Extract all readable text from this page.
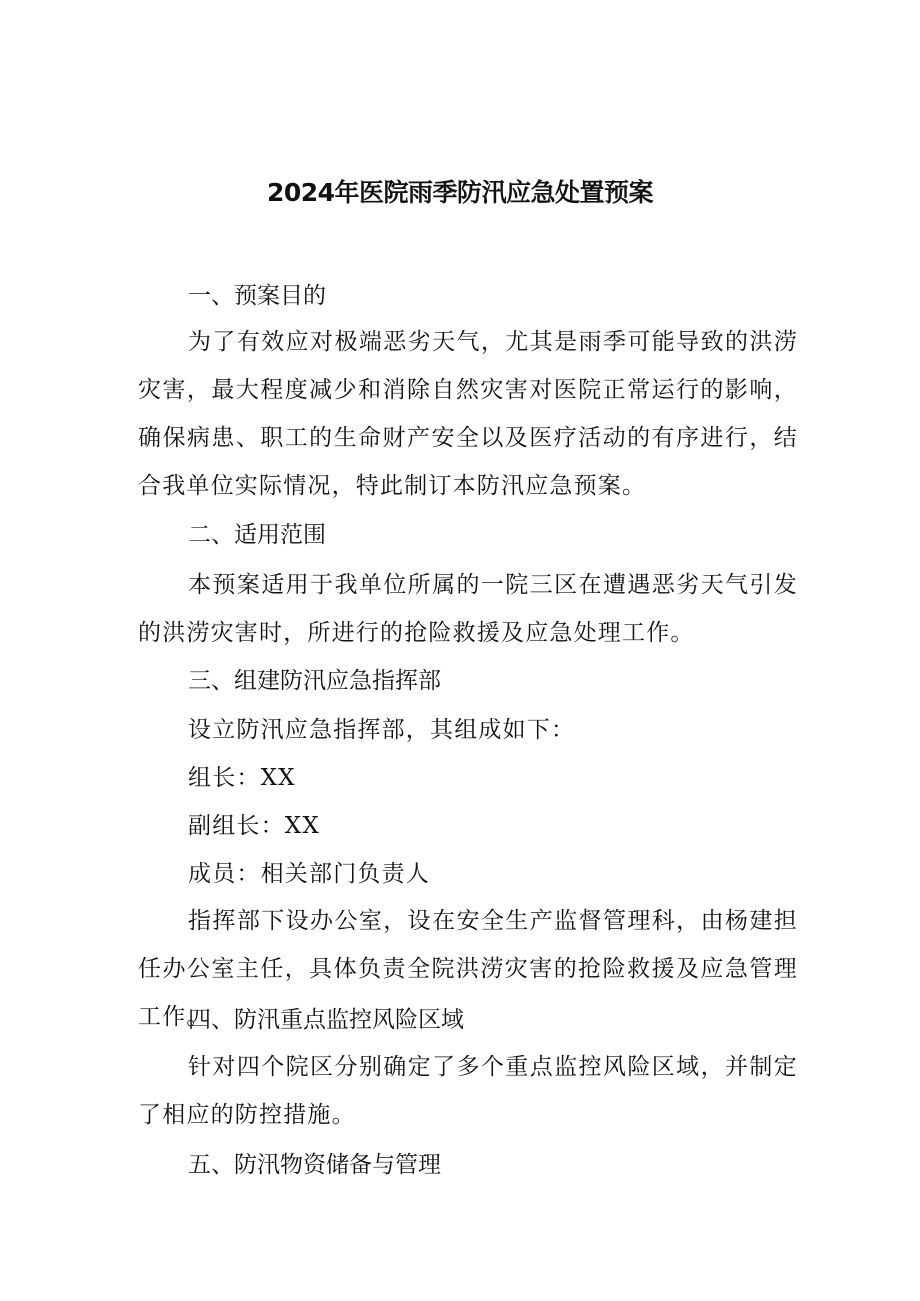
2024年医院雨季防汛应急处置预案
一、预案目的
为了有效应对极端恶劣天气，尤其是雨季可能导致的洪涝灾害，最大程度减少和消除自然灾害对医院正常运行的影响，确保病患、职工的生命财产安全以及医疗活动的有序进行，结合我单位实际情况，特此制订本防汛应急预案。
二、适用范围
本预案适用于我单位所属的一院三区在遭遇恶劣天气引发的洪涝灾害时，所进行的抢险救援及应急处理工作。
三、组建防汛应急指挥部
设立防汛应急指挥部，其组成如下：
组长：XX
副组长：XX
成员：相关部门负责人
指挥部下设办公室，设在安全生产监督管理科，由杨建担任办公室主任，具体负责全院洪涝灾害的抢险救援及应急管理工作。
四、防汛重点监控风险区域
针对四个院区分别确定了多个重点监控风险区域，并制定了相应的防控措施。
五、防汛物资储备与管理
